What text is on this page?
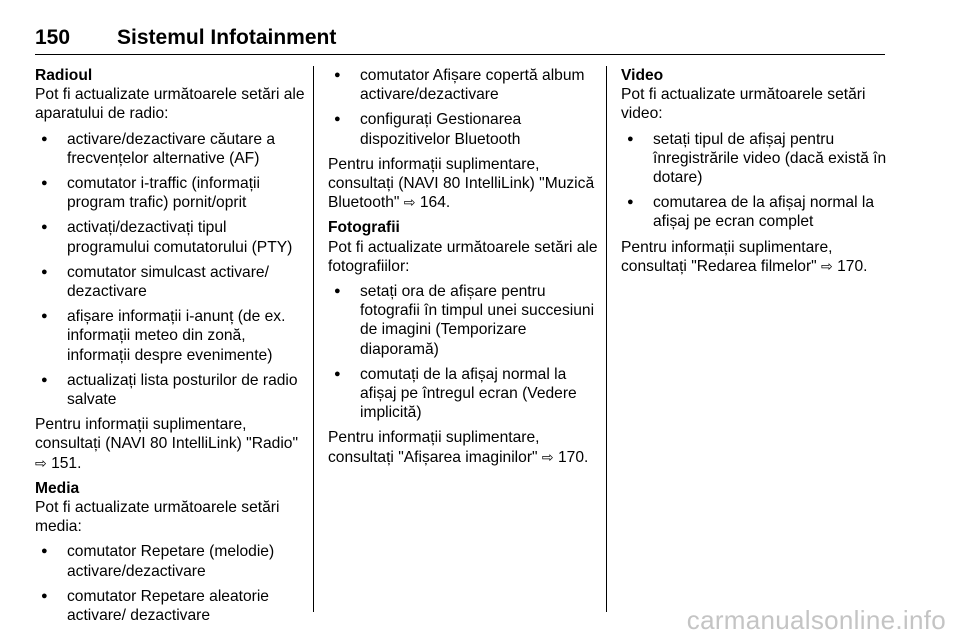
150 Sistemul Infotainment

Radioul

Pot fi actualizate următoarele setări ale aparatului de radio:

● activare/dezactivare căutare a frecvențelor alternative (AF)
● comutator i-traffic (informații program trafic) pornit/oprit
● activați/dezactivați tipul programului comutatorului (PTY)
● comutator simulcast activare/ dezactivare
● afișare informații i-anunț (de ex. informații meteo din zonă, informații despre evenimente)
● actualizați lista posturilor de radio salvate

Pentru informații suplimentare, consultați (NAVI 80 IntelliLink) "Radio" ⇨ 151.

Media

Pot fi actualizate următoarele setări media:

● comutator Repetare (melodie) activare/dezactivare
● comutator Repetare aleatorie activare/ dezactivare
● comutator Afișare copertă album activare/dezactivare
● configurați Gestionarea dispozitivelor Bluetooth

Pentru informații suplimentare, consultați (NAVI 80 IntelliLink) "Muzică Bluetooth" ⇨ 164.

Fotografii

Pot fi actualizate următoarele setări ale fotografiilor:

● setați ora de afișare pentru fotografii în timpul unei succesiuni de imagini (Temporizare diaporamă)
● comutați de la afișaj normal la afișaj pe întregul ecran (Vedere implicită)

Pentru informații suplimentare, consultați "Afișarea imaginilor" ⇨ 170.

Video

Pot fi actualizate următoarele setări video:

● setați tipul de afișaj pentru înregistrările video (dacă există în dotare)
● comutarea de la afișaj normal la afișaj pe ecran complet

Pentru informații suplimentare, consultați "Redarea filmelor" ⇨ 170.

carmanualsonline.info
